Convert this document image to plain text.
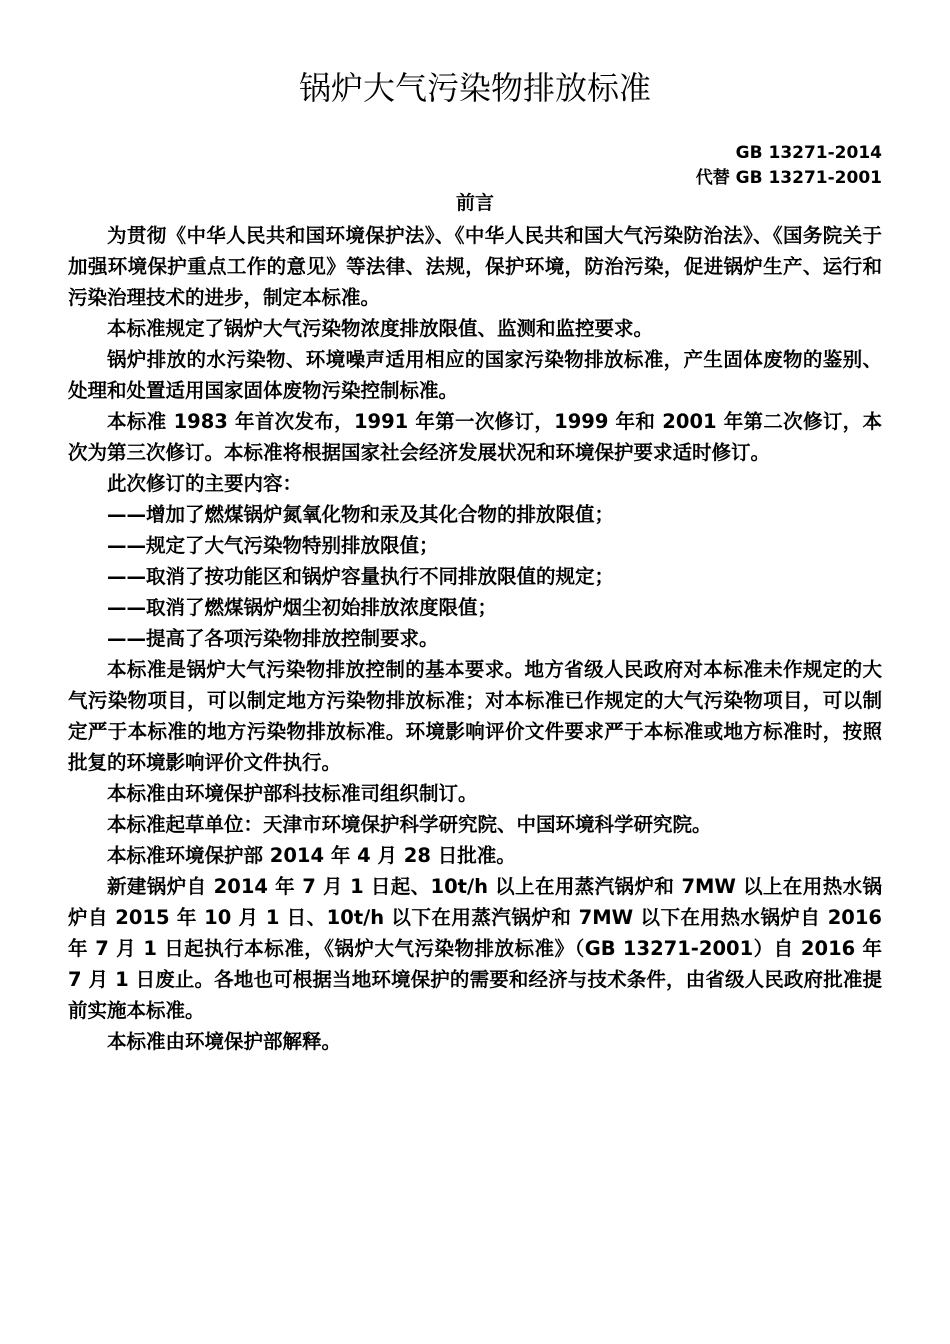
锅炉大气污染物排放标准
GB 13271-2014
代替 GB 13271-2001
前言

为贯彻《中华人民共和国环境保护法》、《中华人民共和国大气污染防治法》、《国务院关于加强环境保护重点工作的意见》等法律、法规，保护环境，防治污染，促进锅炉生产、运行和污染治理技术的进步，制定本标准。

本标准规定了锅炉大气污染物浓度排放限值、监测和监控要求。

锅炉排放的水污染物、环境噪声适用相应的国家污染物排放标准，产生固体废物的鉴别、处理和处置适用国家固体废物污染控制标准。

本标准 1983 年首次发布，1991 年第一次修订，1999 年和 2001 年第二次修订，本次为第三次修订。本标准将根据国家社会经济发展状况和环境保护要求适时修订。

此次修订的主要内容：

——增加了燃煤锅炉氮氧化物和汞及其化合物的排放限值；

——规定了大气污染物特别排放限值；

——取消了按功能区和锅炉容量执行不同排放限值的规定；

——取消了燃煤锅炉烟尘初始排放浓度限值；

——提高了各项污染物排放控制要求。

本标准是锅炉大气污染物排放控制的基本要求。地方省级人民政府对本标准未作规定的大气污染物项目，可以制定地方污染物排放标准；对本标准已作规定的大气污染物项目，可以制定严于本标准的地方污染物排放标准。环境影响评价文件要求严于本标准或地方标准时，按照批复的环境影响评价文件执行。

本标准由环境保护部科技标准司组织制订。

本标准起草单位：天津市环境保护科学研究院、中国环境科学研究院。

本标准环境保护部 2014 年 4 月 28 日批准。

新建锅炉自 2014 年 7 月 1 日起、10t/h 以上在用蒸汽锅炉和 7MW 以上在用热水锅炉自 2015 年 10 月 1 日、10t/h 以下在用蒸汽锅炉和 7MW 以下在用热水锅炉自 2016 年 7 月 1 日起执行本标准，《锅炉大气污染物排放标准》（GB 13271-2001）自 2016 年 7 月 1 日废止。各地也可根据当地环境保护的需要和经济与技术条件，由省级人民政府批准提前实施本标准。

本标准由环境保护部解释。
